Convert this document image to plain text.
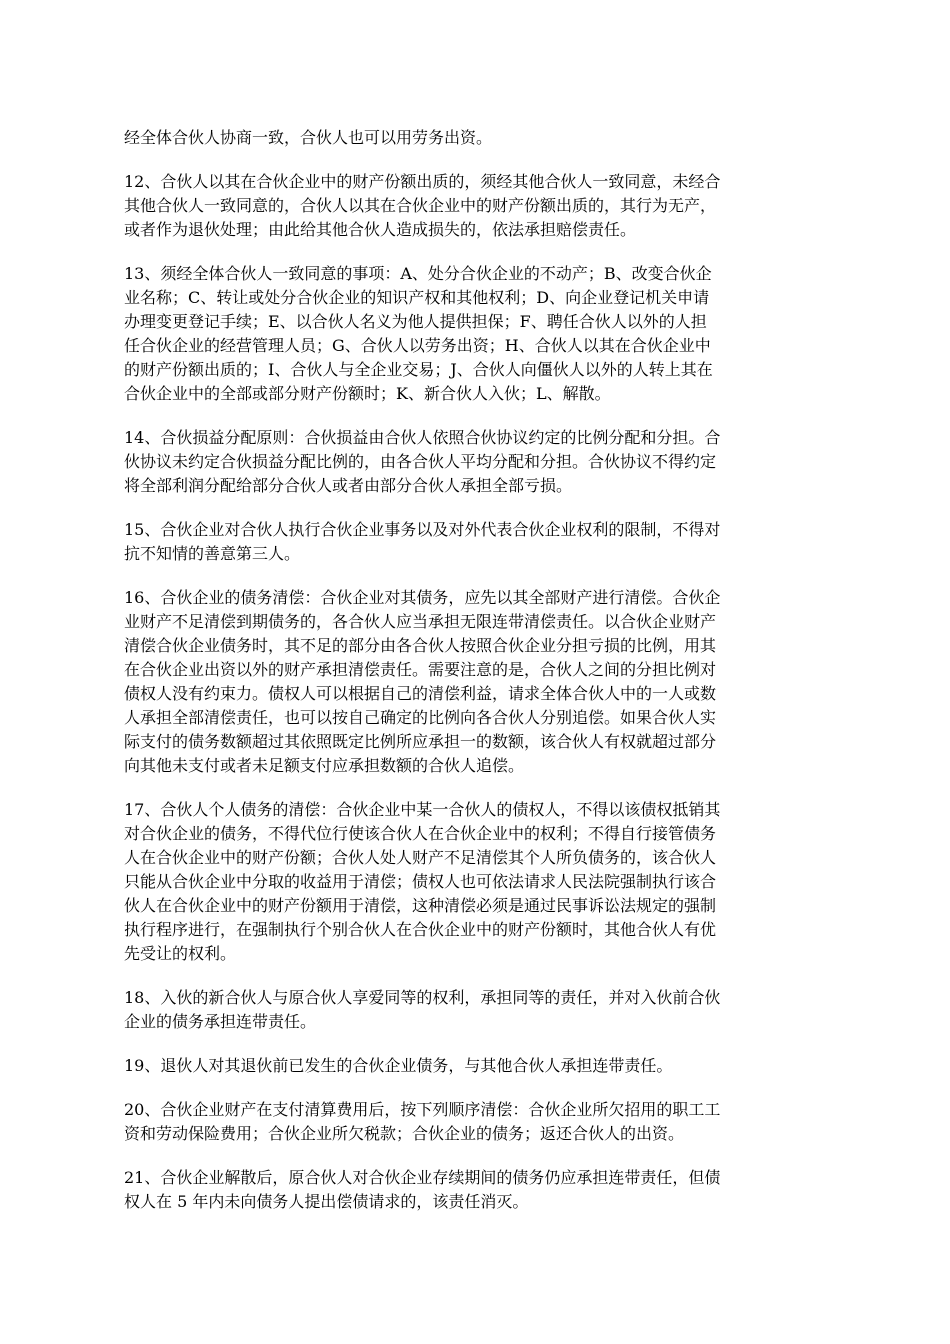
经全体合伙人协商一致，合伙人也可以用劳务出资。

12、合伙人以其在合伙企业中的财产份额出质的，须经其他合伙人一致同意，未经合
其他合伙人一致同意的，合伙人以其在合伙企业中的财产份额出质的，其行为无产，
或者作为退伙处理；由此给其他合伙人造成损失的，依法承担赔偿责任。

13、须经全体合伙人一致同意的事项：A、处分合伙企业的不动产；B、改变合伙企
业名称；C、转让或处分合伙企业的知识产权和其他权利；D、向企业登记机关申请
办理变更登记手续；E、以合伙人名义为他人提供担保；F、聘任合伙人以外的人担
任合伙企业的经营管理人员；G、合伙人以劳务出资；H、合伙人以其在合伙企业中
的财产份额出质的；I、合伙人与全企业交易；J、合伙人向僵伙人以外的人转上其在
合伙企业中的全部或部分财产份额时；K、新合伙人入伙；L、解散。

14、合伙损益分配原则：合伙损益由合伙人依照合伙协议约定的比例分配和分担。合
伙协议未约定合伙损益分配比例的，由各合伙人平均分配和分担。合伙协议不得约定
将全部利润分配给部分合伙人或者由部分合伙人承担全部亏损。

15、合伙企业对合伙人执行合伙企业事务以及对外代表合伙企业权利的限制，不得对
抗不知情的善意第三人。

16、合伙企业的债务清偿：合伙企业对其债务，应先以其全部财产进行清偿。合伙企
业财产不足清偿到期债务的，各合伙人应当承担无限连带清偿责任。以合伙企业财产
清偿合伙企业债务时，其不足的部分由各合伙人按照合伙企业分担亏损的比例，用其
在合伙企业出资以外的财产承担清偿责任。需要注意的是，合伙人之间的分担比例对
债权人没有约束力。债权人可以根据自己的清偿利益，请求全体合伙人中的一人或数
人承担全部清偿责任，也可以按自己确定的比例向各合伙人分别追偿。如果合伙人实
际支付的债务数额超过其依照既定比例所应承担一的数额，该合伙人有权就超过部分
向其他未支付或者未足额支付应承担数额的合伙人追偿。

17、合伙人个人债务的清偿：合伙企业中某一合伙人的债权人，不得以该债权抵销其
对合伙企业的债务，不得代位行使该合伙人在合伙企业中的权利；不得自行接管债务
人在合伙企业中的财产份额；合伙人处人财产不足清偿其个人所负债务的，该合伙人
只能从合伙企业中分取的收益用于清偿；债权人也可依法请求人民法院强制执行该合
伙人在合伙企业中的财产份额用于清偿，这种清偿必须是通过民事诉讼法规定的强制
执行程序进行，在强制执行个别合伙人在合伙企业中的财产份额时，其他合伙人有优
先受让的权利。

18、入伙的新合伙人与原合伙人享爱同等的权利，承担同等的责任，并对入伙前合伙
企业的债务承担连带责任。

19、退伙人对其退伙前已发生的合伙企业债务，与其他合伙人承担连带责任。

20、合伙企业财产在支付清算费用后，按下列顺序清偿：合伙企业所欠招用的职工工
资和劳动保险费用；合伙企业所欠税款；合伙企业的债务；返还合伙人的出资。

21、合伙企业解散后，原合伙人对合伙企业存续期间的债务仍应承担连带责任，但债
权人在 5 年内未向债务人提出偿债请求的，该责任消灭。
